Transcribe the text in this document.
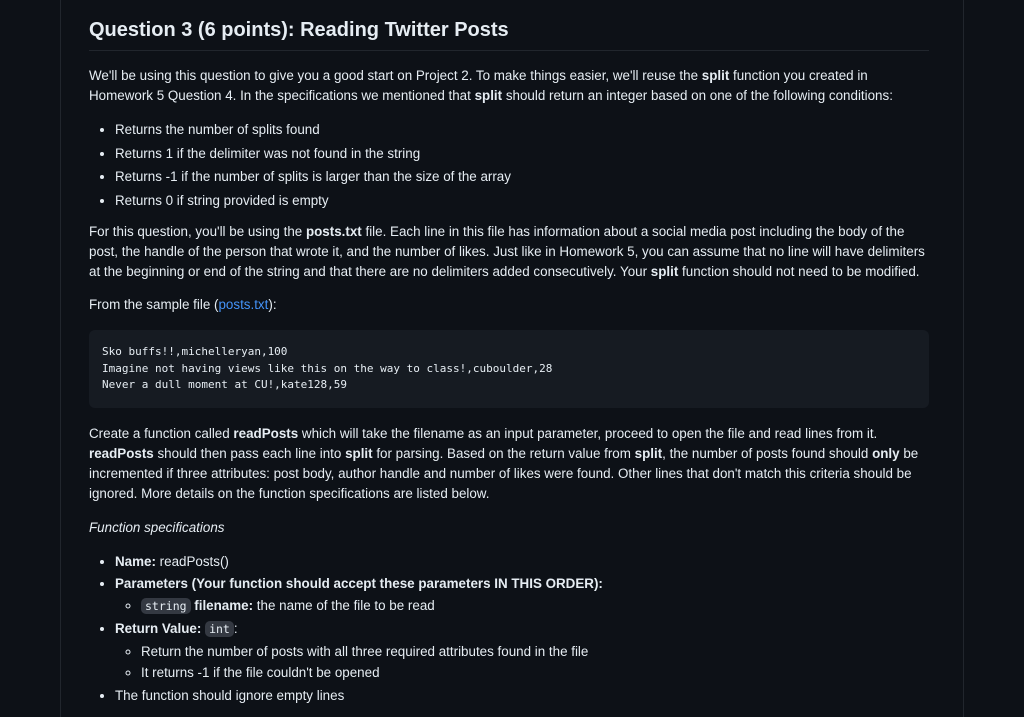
Question 3 (6 points): Reading Twitter Posts

We'll be using this question to give you a good start on Project 2. To make things easier, we'll reuse the split function you created in Homework 5 Question 4. In the specifications we mentioned that split should return an integer based on one of the following conditions:

• Returns the number of splits found
• Returns 1 if the delimiter was not found in the string
• Returns -1 if the number of splits is larger than the size of the array
• Returns 0 if string provided is empty

For this question, you'll be using the posts.txt file. Each line in this file has information about a social media post including the body of the post, the handle of the person that wrote it, and the number of likes. Just like in Homework 5, you can assume that no line will have delimiters at the beginning or end of the string and that there are no delimiters added consecutively. Your split function should not need to be modified.

From the sample file (posts.txt):

Sko buffs!!,michelleryan,100
Imagine not having views like this on the way to class!,cuboulder,28
Never a dull moment at CU!,kate128,59

Create a function called readPosts which will take the filename as an input parameter, proceed to open the file and read lines from it. readPosts should then pass each line into split for parsing. Based on the return value from split, the number of posts found should only be incremented if three attributes: post body, author handle and number of likes were found. Other lines that don't match this criteria should be ignored. More details on the function specifications are listed below.

Function specifications

• Name: readPosts()
• Parameters (Your function should accept these parameters IN THIS ORDER):
◦ string filename: the name of the file to be read
• Return Value: int :
◦ Return the number of posts with all three required attributes found in the file
◦ It returns -1 if the file couldn't be opened
• The function should ignore empty lines
